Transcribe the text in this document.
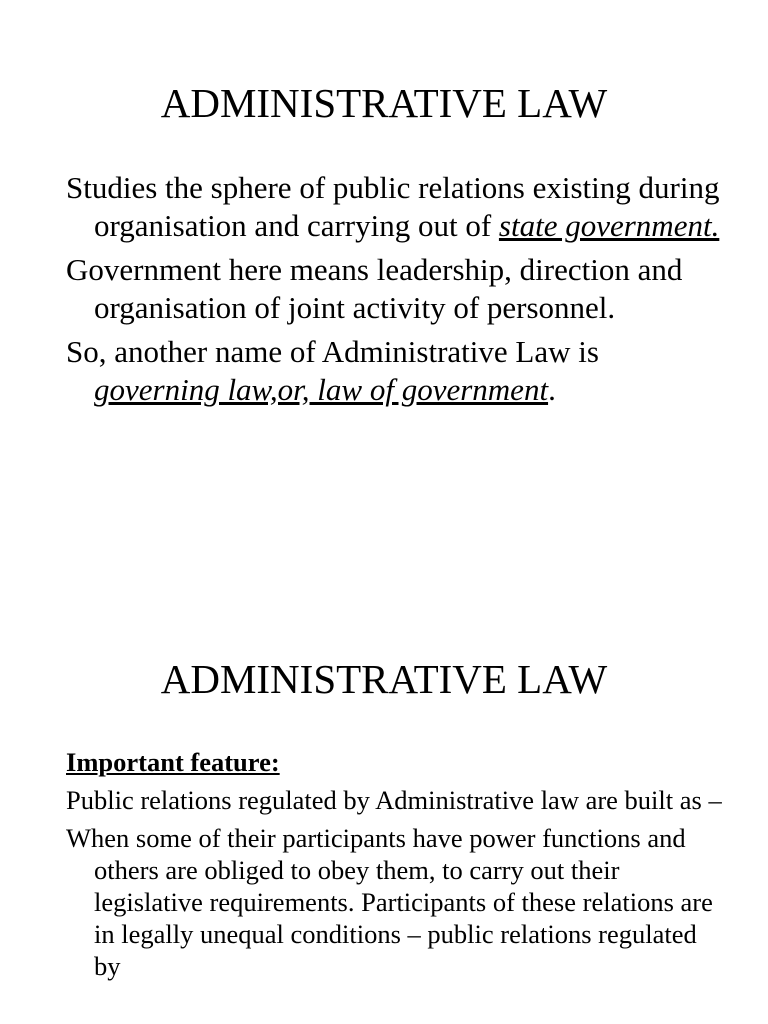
ADMINISTRATIVE LAW

Studies the sphere of public relations existing during organisation and carrying out of state government.

Government here means leadership, direction and organisation of joint activity of personnel.

So, another name of Administrative Law is governing law,or, law of government.

ADMINISTRATIVE LAW

Important feature:

Public relations regulated by Administrative law are built as –

When some of their participants have power functions and others are obliged to obey them, to carry out their legislative requirements. Participants of these relations are in legally unequal conditions – public relations regulated by
